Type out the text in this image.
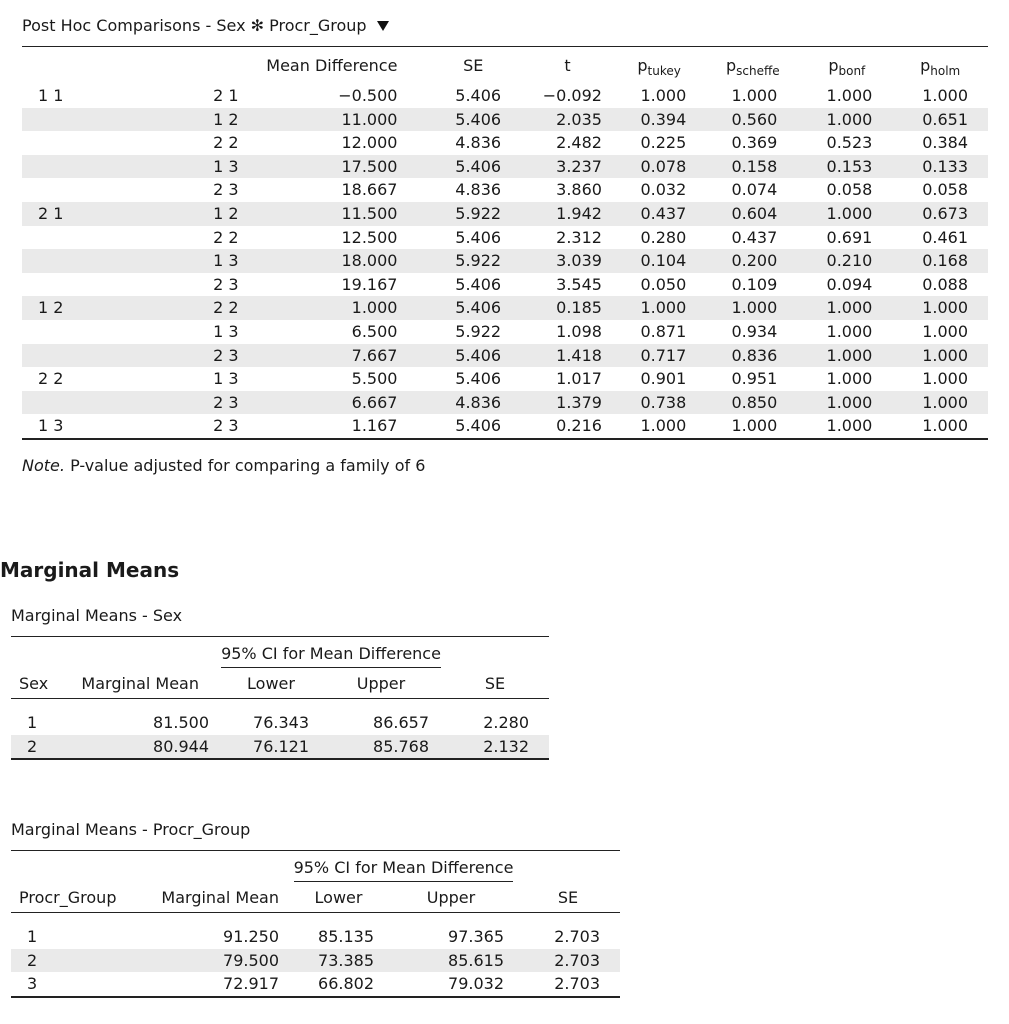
Post Hoc Comparisons - Sex ✻ Procr_Group
		Mean Difference	SE	t	$p_{tukey}$	$p_{scheffe}$	$p_{bonf}$	$p_{holm}$
1 1	2 1	−0.500	5.406	−0.092	1.000	1.000	1.000	1.000
	1 2	11.000	5.406	2.035	0.394	0.560	1.000	0.651
	2 2	12.000	4.836	2.482	0.225	0.369	0.523	0.384
	1 3	17.500	5.406	3.237	0.078	0.158	0.153	0.133
	2 3	18.667	4.836	3.860	0.032	0.074	0.058	0.058
2 1	1 2	11.500	5.922	1.942	0.437	0.604	1.000	0.673
	2 2	12.500	5.406	2.312	0.280	0.437	0.691	0.461
	1 3	18.000	5.922	3.039	0.104	0.200	0.210	0.168
	2 3	19.167	5.406	3.545	0.050	0.109	0.094	0.088
1 2	2 2	1.000	5.406	0.185	1.000	1.000	1.000	1.000
	1 3	6.500	5.922	1.098	0.871	0.934	1.000	1.000
	2 3	7.667	5.406	1.418	0.717	0.836	1.000	1.000
2 2	1 3	5.500	5.406	1.017	0.901	0.951	1.000	1.000
	2 3	6.667	4.836	1.379	0.738	0.850	1.000	1.000
1 3	2 3	1.167	5.406	0.216	1.000	1.000	1.000	1.000
Note. P-value adjusted for comparing a family of 6
Marginal Means
Marginal Means - Sex
		95% CI for Mean Difference		
Sex	Marginal Mean	Lower	Upper	SE

1	81.500	76.343	86.657	2.280
2	80.944	76.121	85.768	2.132
Marginal Means - Procr_Group
		95% CI for Mean Difference		
Procr_Group	Marginal Mean	Lower	Upper	SE

1	91.250	85.135	97.365	2.703
2	79.500	73.385	85.615	2.703
3	72.917	66.802	79.032	2.703
